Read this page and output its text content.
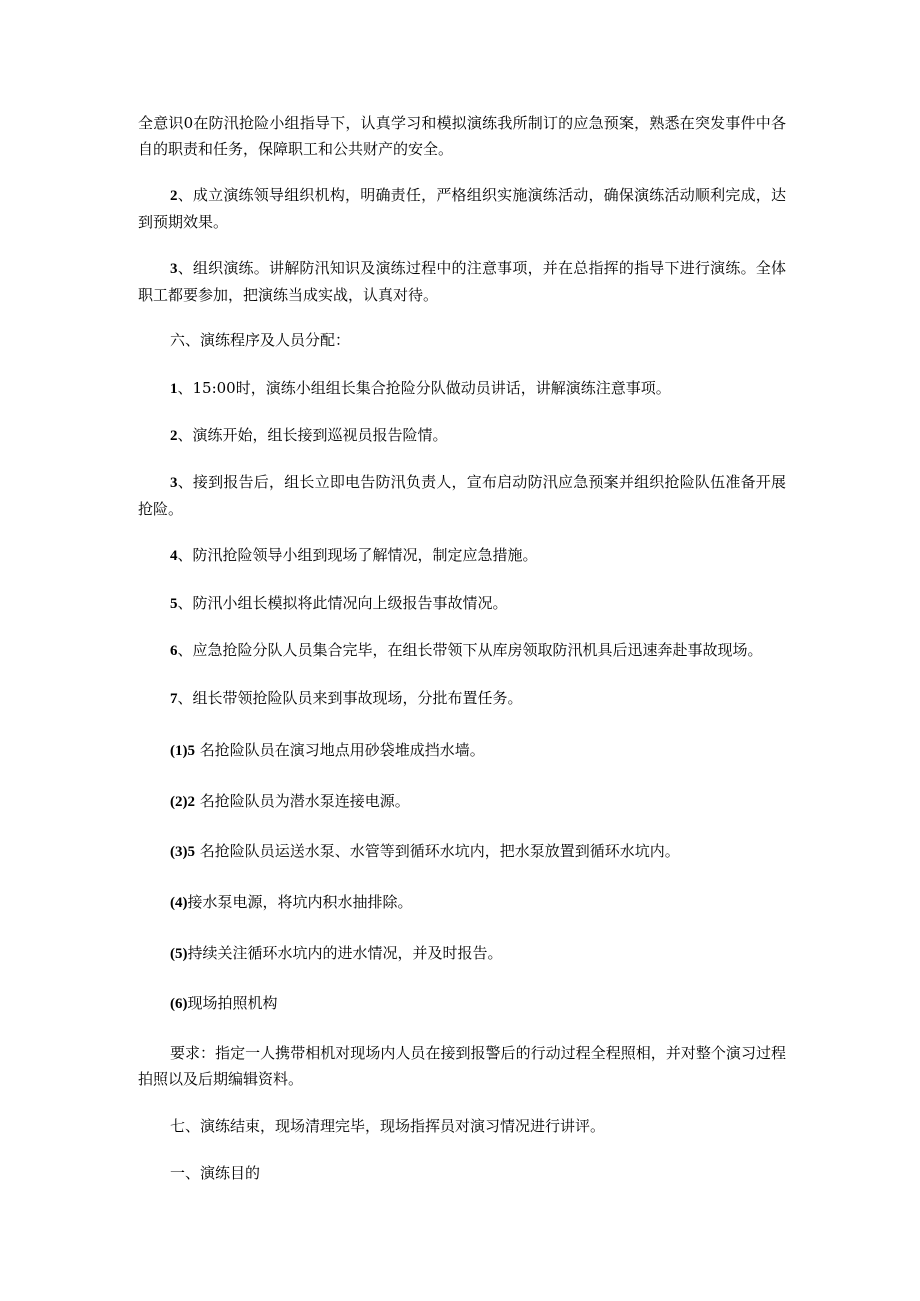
全意识0在防汛抢险小组指导下，认真学习和模拟演练我所制订的应急预案，熟悉在突发事件中各自的职责和任务，保障职工和公共财产的安全。

2、成立演练领导组织机构，明确责任，严格组织实施演练活动，确保演练活动顺利完成，达到预期效果。

3、组织演练。讲解防汛知识及演练过程中的注意事项，并在总指挥的指导下进行演练。全体职工都要参加，把演练当成实战，认真对待。

六、演练程序及人员分配：

1、15:00时，演练小组组长集合抢险分队做动员讲话，讲解演练注意事项。

2、演练开始，组长接到巡视员报告险情。

3、接到报告后，组长立即电告防汛负责人，宣布启动防汛应急预案并组织抢险队伍准备开展抢险。

4、防汛抢险领导小组到现场了解情况，制定应急措施。

5、防汛小组长模拟将此情况向上级报告事故情况。

6、应急抢险分队人员集合完毕，在组长带领下从库房领取防汛机具后迅速奔赴事故现场。

7、组长带领抢险队员来到事故现场，分批布置任务。

(1)5 名抢险队员在演习地点用砂袋堆成挡水墙。

(2)2 名抢险队员为潜水泵连接电源。

(3)5 名抢险队员运送水泵、水管等到循环水坑内，把水泵放置到循环水坑内。

(4)接水泵电源，将坑内积水抽排除。

(5)持续关注循环水坑内的进水情况，并及时报告。

(6)现场拍照机构

要求：指定一人携带相机对现场内人员在接到报警后的行动过程全程照相，并对整个演习过程拍照以及后期编辑资料。

七、演练结束，现场清理完毕，现场指挥员对演习情况进行讲评。

一、演练目的
